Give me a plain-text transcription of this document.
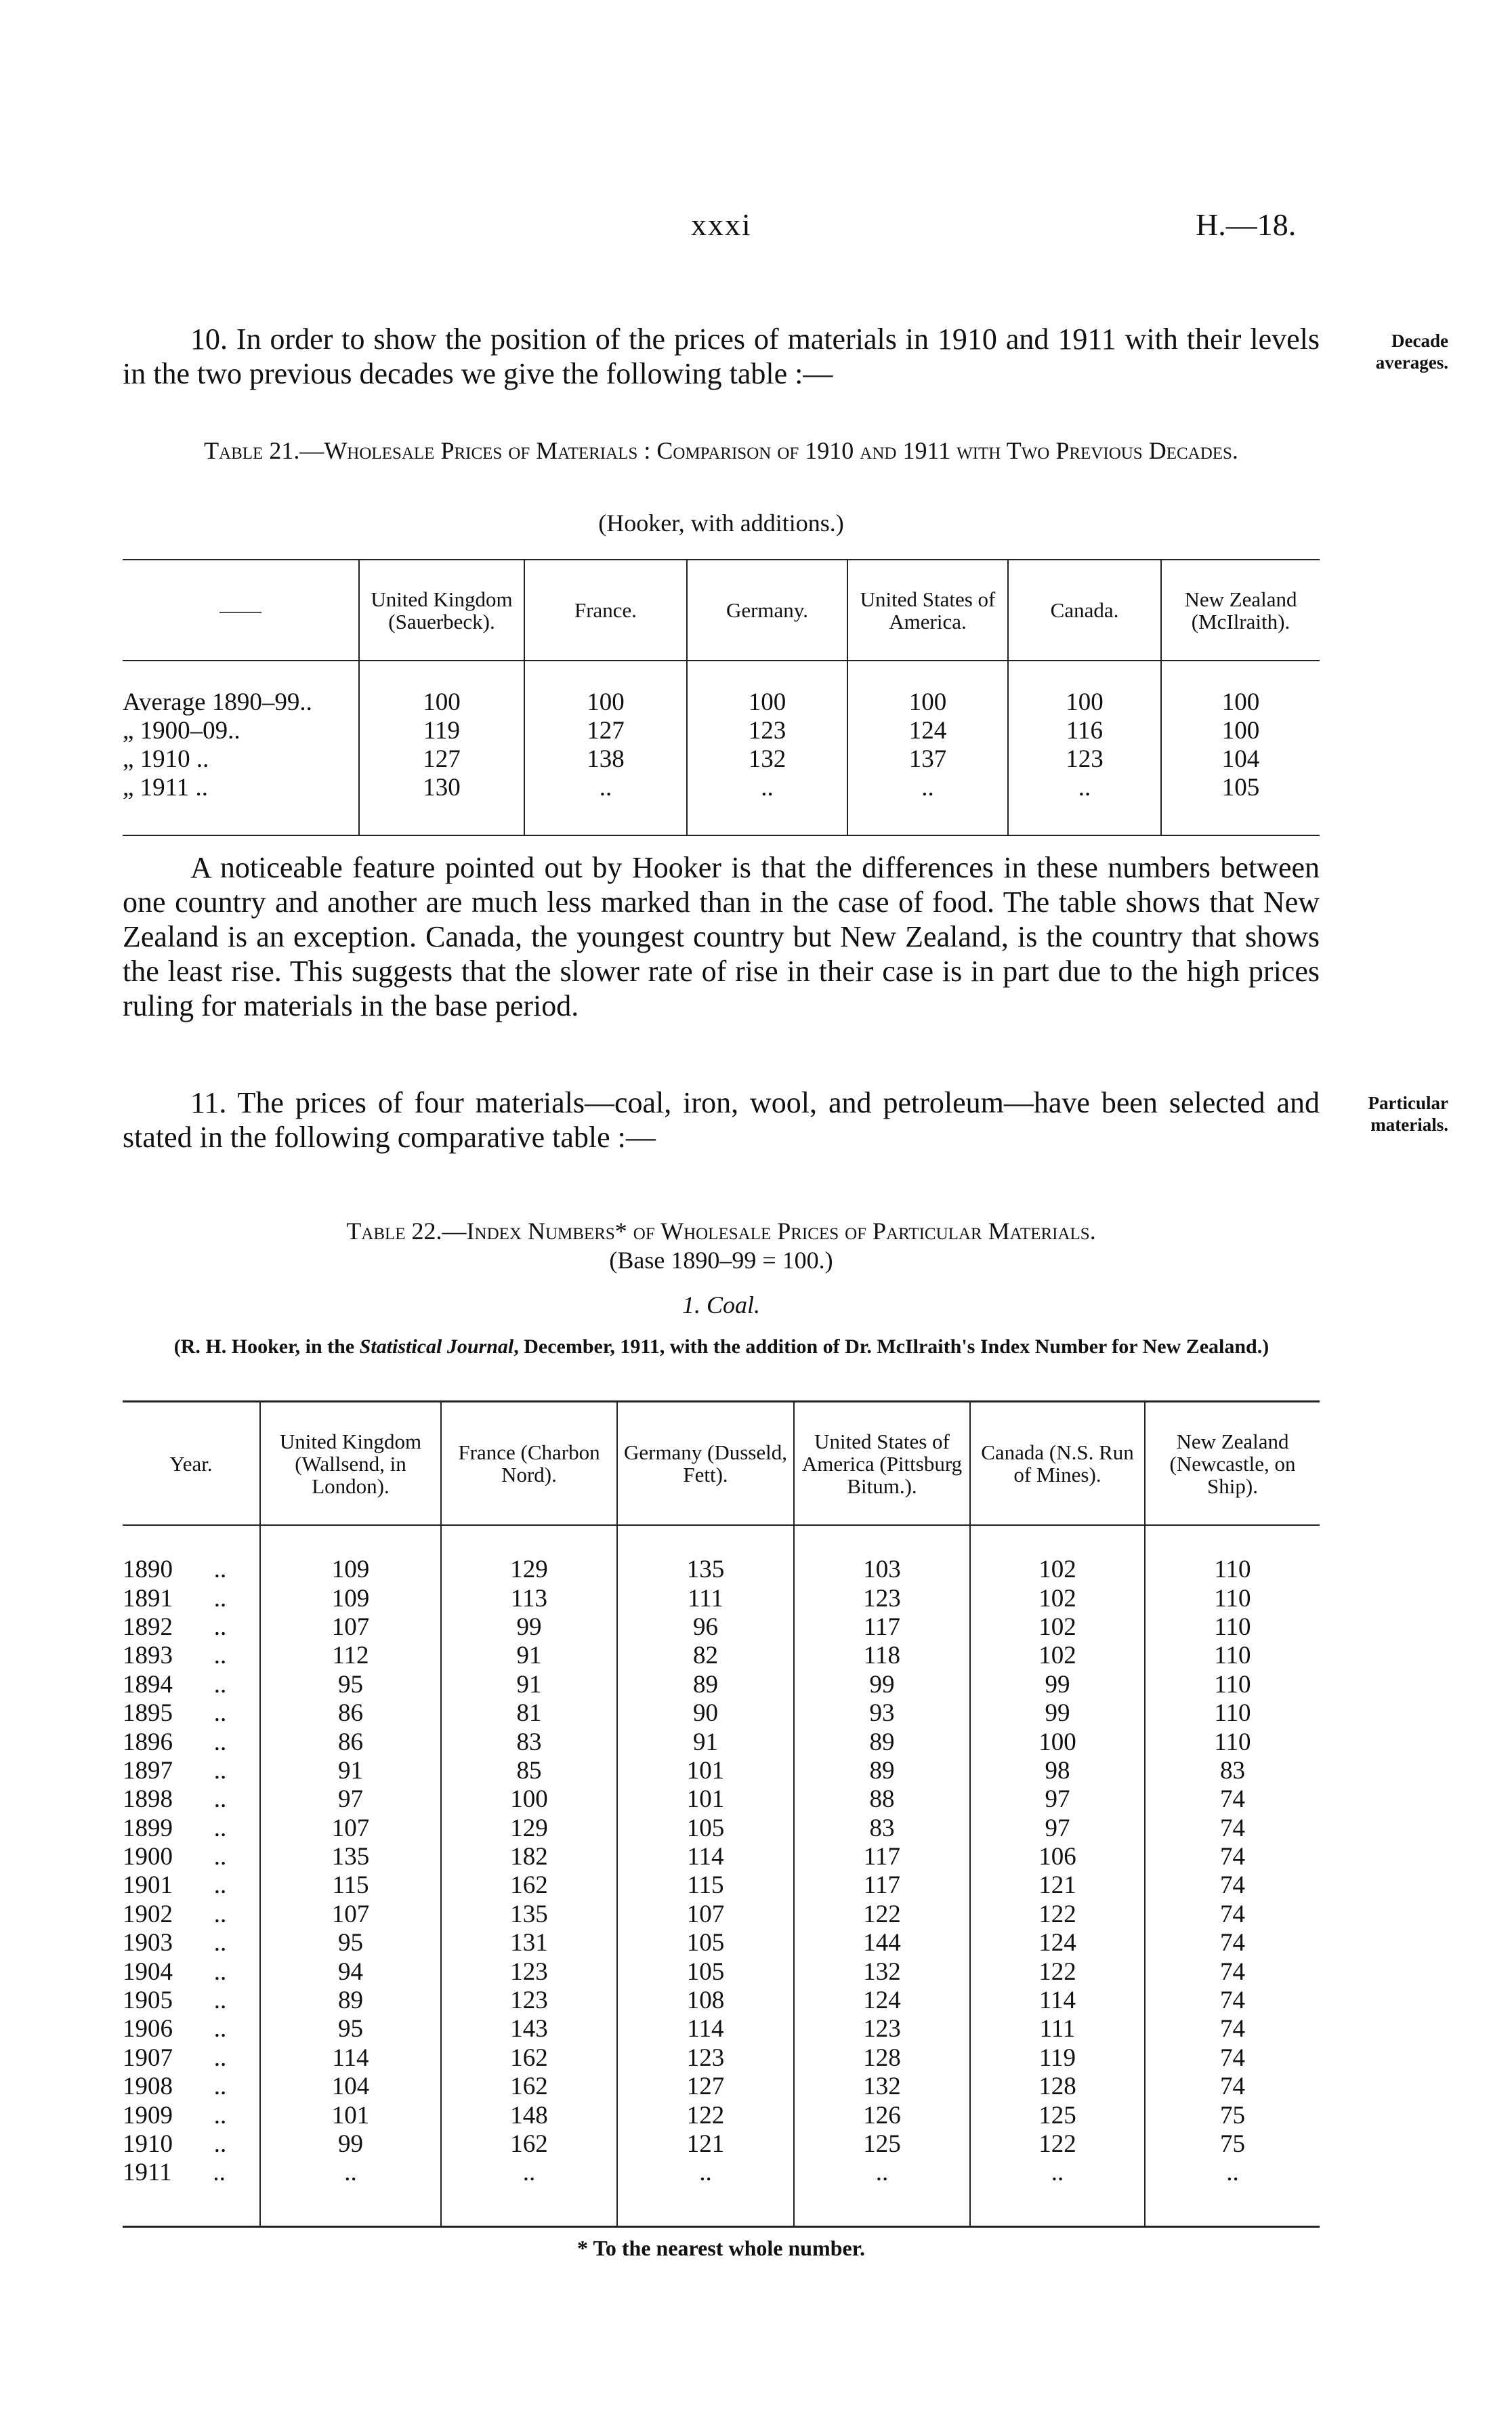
xxxi	H.—18.

10. In order to show the position of the prices of materials in 1910 and 1911 with their levels in the two previous decades we give the following table :—

Decade averages.
Table 21.—Wholesale Prices of Materials : Comparison of 1910 and 1911 with Two Previous Decades.
(Hooker, with additions.)
——	United Kingdom (Sauerbeck).	France.	Germany.	United States of America.	Canada.	New Zealand (McIlraith).
Average 1890–99..	100	100	100	100	100	100
„ 1900–09..	119	127	123	124	116	100
„ 1910 ..	127	138	132	137	123	104
„ 1911 ..	130	..	..	..	..	105

A noticeable feature pointed out by Hooker is that the differences in these numbers between one country and another are much less marked than in the case of food. The table shows that New Zealand is an exception. Canada, the youngest country but New Zealand, is the country that shows the least rise. This suggests that the slower rate of rise in their case is in part due to the high prices ruling for materials in the base period.

11. The prices of four materials—coal, iron, wool, and petroleum—have been selected and stated in the following comparative table :—

Particular materials.
Table 22.—Index Numbers* of Wholesale Prices of Particular Materials.
(Base 1890–99 = 100.)
1. Coal.
(R. H. Hooker, in the Statistical Journal, December, 1911, with the addition of Dr. McIlraith's Index Number for New Zealand.)
Year.	United Kingdom (Wallsend, in London).	France (Charbon Nord).	Germany (Dusseld, Fett).	United States of America (Pittsburg Bitum.).	Canada (N.S. Run of Mines).	New Zealand (Newcastle, on Ship).
1890 ..	109	129	135	103	102	110
1891 ..	109	113	111	123	102	110
1892 ..	107	99	96	117	102	110
1893 ..	112	91	82	118	102	110
1894 ..	95	91	89	99	99	110
1895 ..	86	81	90	93	99	110
1896 ..	86	83	91	89	100	110
1897 ..	91	85	101	89	98	83
1898 ..	97	100	101	88	97	74
1899 ..	107	129	105	83	97	74
1900 ..	135	182	114	117	106	74
1901 ..	115	162	115	117	121	74
1902 ..	107	135	107	122	122	74
1903 ..	95	131	105	144	124	74
1904 ..	94	123	105	132	122	74
1905 ..	89	123	108	124	114	74
1906 ..	95	143	114	123	111	74
1907 ..	114	162	123	128	119	74
1908 ..	104	162	127	132	128	74
1909 ..	101	148	122	126	125	75
1910 ..	99	162	121	125	122	75
1911 ..	..	..	..	..	..	..
* To the nearest whole number.
